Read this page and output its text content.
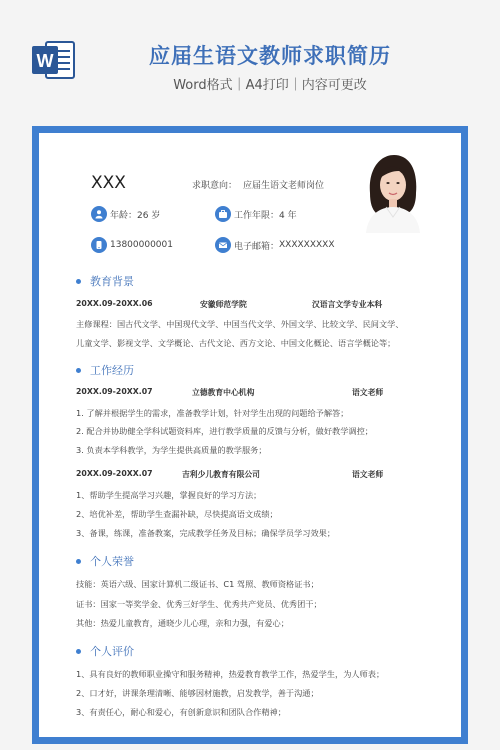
W	应届生语文教师求职简历
Word格式｜A4打印｜内容可更改
XXX	求职意向： 应届生语文老师岗位
年龄： 26 岁	工作年限： 4 年
13800000001	电子邮箱： XXXXXXXXX
教育背景
20XX.09-20XX.06	安徽师范学院	汉语言文学专业本科
主修课程：国古代文学、中国现代文学、中国当代文学、外国文学、比较文学、民间文学、
儿童文学、影视文学、文学概论、古代文论、西方文论、中国文化概论、语言学概论等；
工作经历
20XX.09-20XX.07	立德教育中心机构	语文老师
1. 了解并根据学生的需求，准备教学计划，针对学生出现的问题给予解答；
2. 配合并协助健全学科试题资料库，进行教学质量的反馈与分析，做好教学调控；
3. 负责本学科教学，为学生提供高质量的教学服务；
20XX.09-20XX.07	吉利少儿教育有限公司	语文老师
1、帮助学生提高学习兴趣，掌握良好的学习方法；
2、培优补差，帮助学生查漏补缺，尽快提高语文成绩；
3、备课，练课，准备教案，完成教学任务及目标；确保学员学习效果；
个人荣誉
技能：英语六级、国家计算机二级证书、C1 驾照、教师资格证书；
证书：国家一等奖学金、优秀三好学生、优秀共产党员、优秀团干；
其他：热爱儿童教育，通晓少儿心理，亲和力强，有爱心；
个人评价
1、具有良好的教师职业操守和服务精神，热爱教育教学工作，热爱学生，为人师表；
2、口才好，讲课条理清晰、能够因材施教，启发教学，善于沟通；
3、有责任心，耐心和爱心，有创新意识和团队合作精神；
